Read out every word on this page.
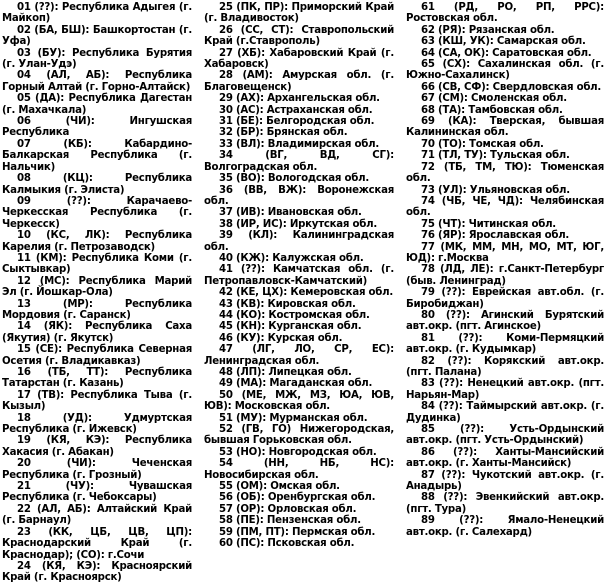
01 (??): Республика Адыгея (г. Майкоп)

02 (БА, БШ): Башкортостан (г. Уфа)

03 (БУ): Республика Бурятия (г. Улан-Удэ)

04 (АЛ, АБ): Республика Горный Алтай (г. Горно-Алтайск)

05 (ДА): Республика Дагестан (г. Махачкала)

06 (ЧИ): Ингушская Республика

07 (КБ): Кабардино-Балкарская Республика (г. Нальчик)

08 (КЦ): Республика Калмыкия (г. Элиста)

09 (??): Карачаево-Черкесская Республика (г. Черкесск)

10 (КС, ЛК): Республика Карелия (г. Петрозаводск)

11 (КМ): Республика Коми (г. Сыктывкар)

12 (МС): Республика Марий Эл (г. Йошкар-Ола)

13 (МР): Республика Мордовия (г. Саранск)

14 (ЯК): Республика Саха (Якутия) (г. Якутск)

15 (СЕ): Республика Северная Осетия (г. Владикавказ)

16 (ТБ, ТТ): Республика Татарстан (г. Казань)

17 (ТВ): Республика Тыва (г. Кызыл)

18 (УД): Удмуртская Республика (г. Ижевск)

19 (КЯ, КЭ): Республика Хакасия (г. Абакан)

20 (ЧИ): Чеченская Республика (г. Грозный)

21 (ЧУ): Чувашская Республика (г. Чебоксары)

22 (АЛ, АБ): Алтайский Край (г. Барнаул)

23 (КК, ЦБ, ЦВ, ЦП): Краснодарский Край (г. Краснодар); (СО): г.Сочи

24 (КЯ, КЭ): Красноярский Край (г. Красноярск)

25 (ПК, ПР): Приморский Край (г. Владивосток)

26 (СС, СТ): Ставропольский Край (г.Ставрополь)

27 (ХБ): Хабаровский Край (г. Хабаровск)

28 (АМ): Амурская обл. (г. Благовещенск)

29 (АХ): Архангельская обл.

30 (АС): Астраханская обл.

31 (БЕ): Белгородская обл.

32 (БР): Брянская обл.

33 (ВЛ): Владимирская обл.

34 (ВГ, ВД, СГ): Волгоградская обл.

35 (ВО): Вологодская обл.

36 (ВВ, ВЖ): Воронежская обл.

37 (ИВ): Ивановская обл.

38 (ИР, ИС): Иркутская обл.

39 (КЛ): Калининградская обл.

40 (КЖ): Калужская обл.

41 (??): Камчатская обл. (г. Петропавловск-Камчатский)

42 (КЕ, ЦХ): Кемеровская обл.

43 (КВ): Кировская обл.

44 (КО): Костромская обл.

45 (КН): Курганская обл.

46 (КУ): Курская обл.

47 (ЛГ, ЛО, СР, ЕС): Ленинградская обл.

48 (ЛП): Липецкая обл.

49 (МА): Магаданская обл.

50 (МЕ, МЖ, МЗ, ЮА, ЮВ, ЮВ): Московская обл.

51 (МУ): Мурманская обл.

52 (ГВ, ГО) Нижегородская, бывшая Горьковская обл.

53 (НО): Новгородская обл.

54 (НН, НБ, НС): Новосибирская обл.

55 (ОМ): Омская обл.

56 (ОБ): Оренбургская обл.

57 (ОР): Орловская обл.

58 (ПЕ): Пензенская обл.

59 (ПМ, ПТ): Пермская обл.

60 (ПС): Псковская обл.

61 (РД, РО, РП, РРС): Ростовская обл.

62 (РЯ): Рязанская обл.

63 (КШ, УК): Самарская обл.

64 (СА, ОК): Саратовская обл.

65 (СХ): Сахалинская обл. (г. Южно-Сахалинск)

66 (СВ, СФ): Свердловская обл.

67 (СМ): Смоленская обл.

68 (ТА): Тамбовская обл.

69 (КА): Тверская, бывшая Калининская обл.

70 (ТО): Томская обл.

71 (ТЛ, ТУ): Тульская обл.

72 (ТБ, ТМ, ТЮ): Тюменская обл.

73 (УЛ): Ульяновская обл.

74 (ЧБ, ЧЕ, ЧД): Челябинская обл.

75 (ЧТ): Читинская обл.

76 (ЯР): Ярославская обл.

77 (МК, ММ, МН, МО, МТ, ЮГ, ЮД): г.Москва

78 (ЛД, ЛЕ): г.Санкт-Петербург (быв. Ленинград)

79 (??): Еврейская авт.обл. (г. Биробиджан)

80 (??): Агинский Бурятский авт.окр. (пгт. Агинское)

81 (??): Коми-Пермяцкий авт.окр. (г. Кудымкар)

82 (??): Корякский авт.окр. (пгт. Палана)

83 (??): Ненецкий авт.окр. (пгт. Нарьян-Мар)

84 (??): Таймырский авт.окр. (г. Дудинка)

85 (??): Усть-Ордынский авт.окр. (пгт. Усть-Ордынский)

86 (??): Ханты-Мансийский авт.окр. (г. Ханты-Мансийск)

87 (??): Чукотский авт.окр. (г. Анадырь)

88 (??): Эвенкийский авт.окр. (пгт. Тура)

89 (??): Ямало-Ненецкий авт.окр. (г. Салехард)
